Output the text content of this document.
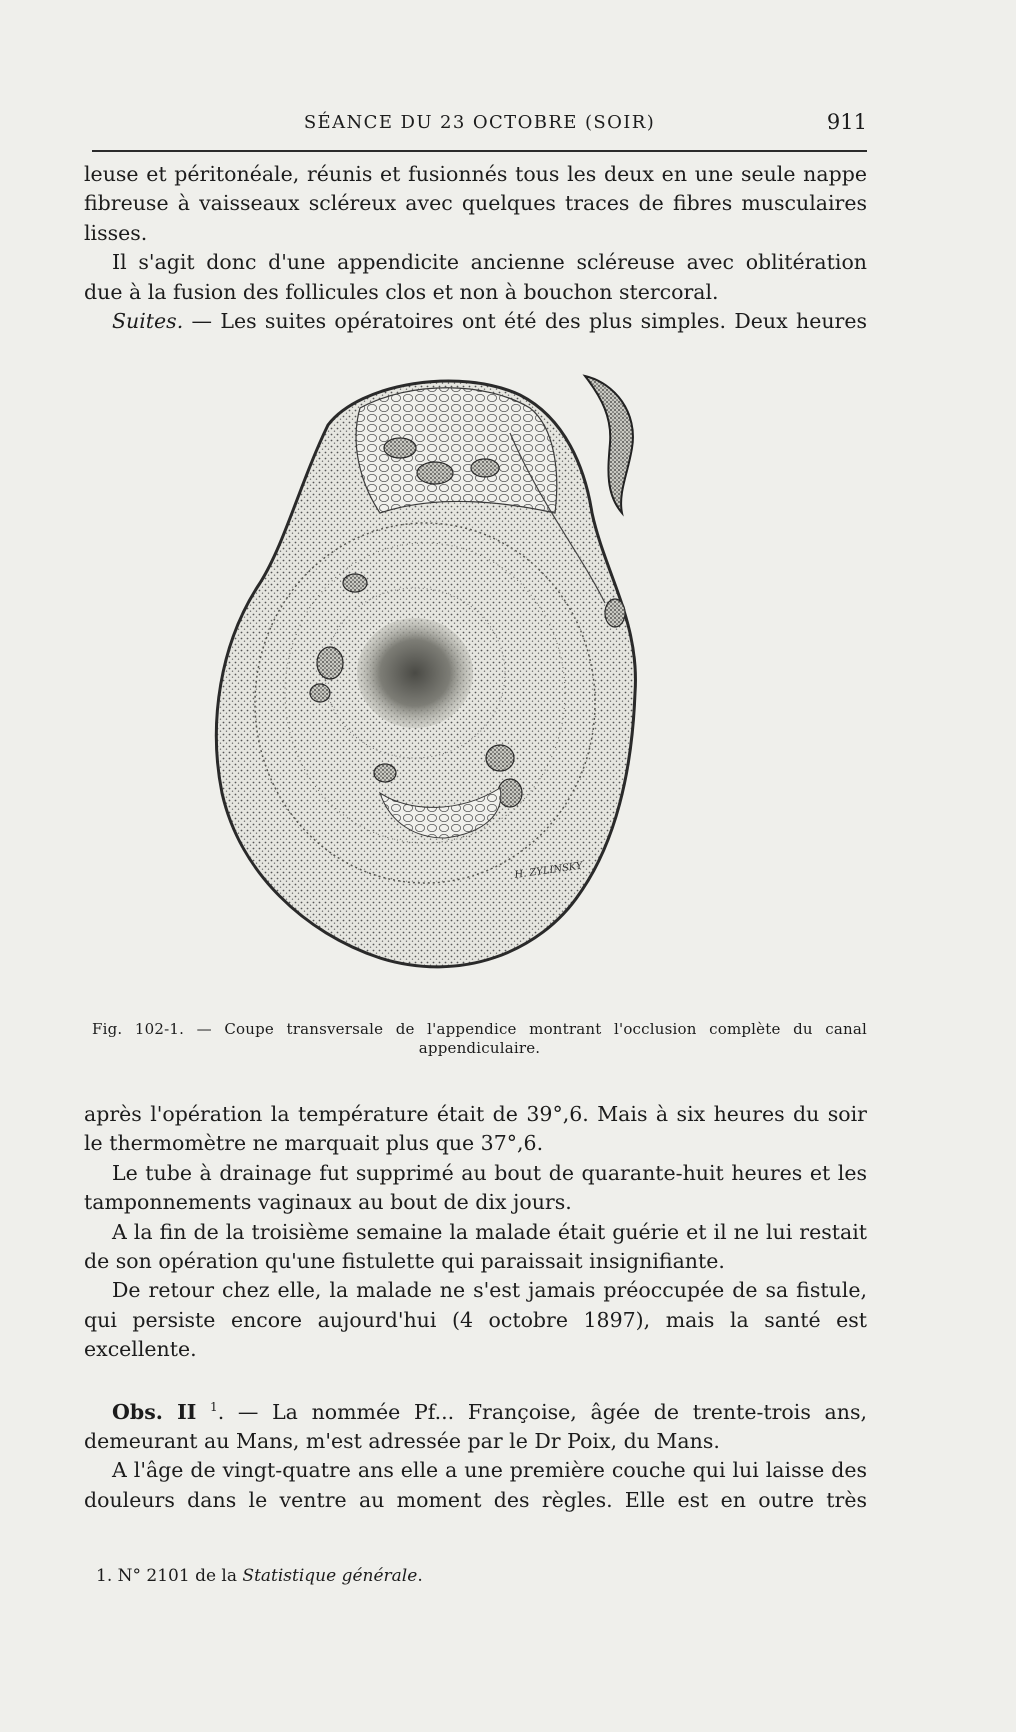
SÉANCE DU 23 OCTOBRE (SOIR)	911

leuse et péritonéale, réunis et fusionnés tous les deux en une seule nappe fibreuse à vaisseaux scléreux avec quelques traces de fibres musculaires lisses.

Il s'agit donc d'une appendicite ancienne scléreuse avec oblitération due à la fusion des follicules clos et non à bouchon stercoral.

Suites. — Les suites opératoires ont été des plus simples. Deux heures

H. ZYLINSKY
Fig. 102-1. — Coupe transversale de l'appendice montrant l'occlusion complète du canal
appendiculaire.

après l'opération la température était de 39°,6. Mais à six heures du soir le thermomètre ne marquait plus que 37°,6.

Le tube à drainage fut supprimé au bout de quarante-huit heures et les tamponnements vaginaux au bout de dix jours.

A la fin de la troisième semaine la malade était guérie et il ne lui restait de son opération qu'une fistulette qui paraissait insignifiante.

De retour chez elle, la malade ne s'est jamais préoccupée de sa fistule, qui persiste encore aujourd'hui (4 octobre 1897), mais la santé est excellente.

Obs. II $^1$. — La nommée Pf... Françoise, âgée de trente-trois ans, demeurant au Mans, m'est adressée par le Dr Poix, du Mans.

A l'âge de vingt-quatre ans elle a une première couche qui lui laisse des douleurs dans le ventre au moment des règles. Elle est en outre très

1. N° 2101 de la Statistique générale.
